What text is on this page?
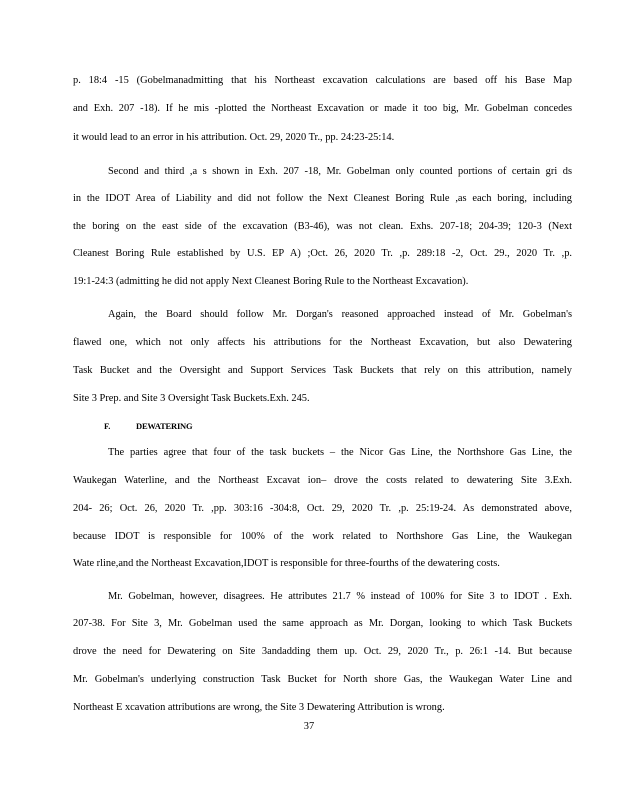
p. 18:4 -15 (Gobelmanadmitting that his Northeast excavation calculations are based off his Base Map
and Exh. 207 -18). If he mis -plotted the Northeast Excavation or made it too big, Mr. Gobelman concedes
it would lead to an error in his attribution. Oct. 29, 2020 Tr., pp. 24:23-25:14.
Second and third ,a s shown in Exh. 207 -18, Mr. Gobelman only counted portions of certain gri ds
in the IDOT Area of Liability and did not follow the Next Cleanest Boring Rule ,as each boring, including
the boring on the east side of the excavation (B3-46), was not clean. Exhs. 207-18; 204-39; 120-3 (Next
Cleanest Boring Rule established by U.S. EP A) ;Oct. 26, 2020 Tr. ,p. 289:18 -2, Oct. 29., 2020 Tr. ,p.
19:1-24:3 (admitting he did not apply Next Cleanest Boring Rule to the Northeast Excavation).
Again, the Board should follow Mr. Dorgan's reasoned approached instead of Mr. Gobelman's
flawed one, which not only affects his attributions for the Northeast Excavation, but also Dewatering
Task Bucket and the Oversight and Support Services Task Buckets that rely on this attribution, namely
Site 3 Prep. and Site 3 Oversight Task Buckets.Exh. 245.
F.	DEWATERING
The parties agree that four of the task buckets – the Nicor Gas Line, the Northshore Gas Line, the
Waukegan Waterline, and the Northeast Excavat ion– drove the costs related to dewatering Site 3.Exh.
204- 26; Oct. 26, 2020 Tr. ,pp. 303:16 -304:8, Oct. 29, 2020 Tr. ,p. 25:19-24. As demonstrated above,
because IDOT is responsible for 100% of the work related to Northshore Gas Line, the Waukegan
Wate rline,and the Northeast Excavation,IDOT is responsible for three-fourths of the dewatering costs.
Mr. Gobelman, however, disagrees. He attributes 21.7 % instead of 100% for Site 3 to IDOT . Exh.
207-38. For Site 3, Mr. Gobelman used the same approach as Mr. Dorgan, looking to which Task Buckets
drove the need for Dewatering on Site 3andadding them up. Oct. 29, 2020 Tr., p. 26:1 -14. But because
Mr. Gobelman's underlying construction Task Bucket for North shore Gas, the Waukegan Water Line and
Northeast E xcavation attributions are wrong, the Site 3 Dewatering Attribution is wrong.
37
